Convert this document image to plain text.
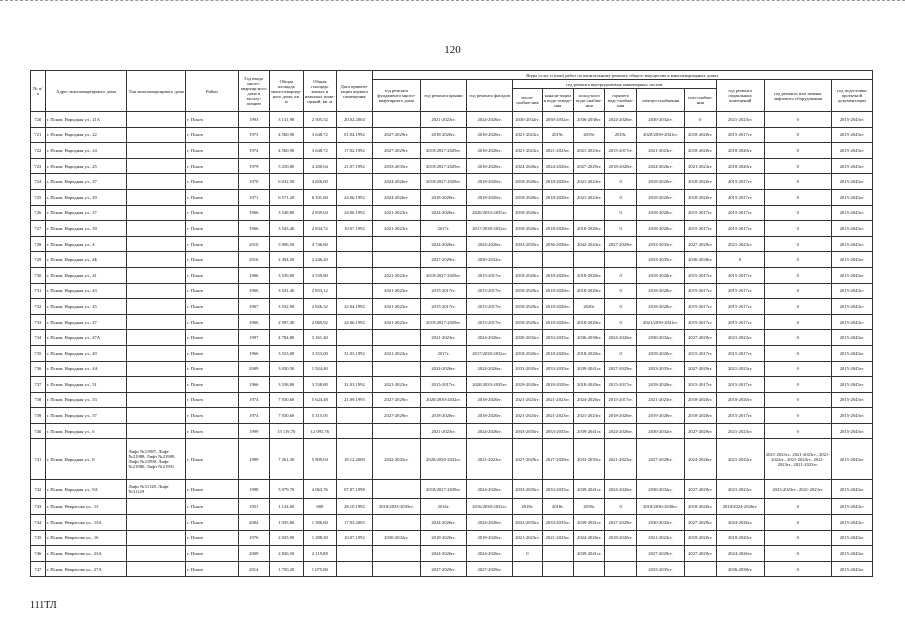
120
№ п/п	Адрес многоквартирного дома	Тип многоквартирного дома	Район	Год ввода много-квартир-ного дома в эксплу-атацию	Общая площадь много-квартир-ного дома, кв. м	Общая площадь жилых и нежилых поме-щений, кв. м	Дата привати-зации первого помещения	Виды услуг и (или) работ по капитальному ремонту общего имущества в многоквартирных домах											
								год ремонта фундамента много-квартирного дома	год ремонта крыши	год ремонта фасадов	год ремонта внутридомовых инженерных систем						год ремонта подвальных помещений	год ремонта или замены лифтового оборудования	год подготовки проектной документации
											тепло-снабже-ния	канали-зации и водо-отведе-ния	холод-ного водо-снабже-ния	горячего водо-снабже-ния	электро-снабжения	газо-снабже-ния			
720	г. Псков, Народная ул., 21А		г. Псков	1993	3 131,90	2 505,52	20.02.2004		2021-2023гг.	2024-2026гг.	2030-2032гг.	2030-2032гг.	2036-2038гг.	2024-2026гг.	2030-2032гг.	0	2021-2023гг.	0	2015-2043гг.
721	г. Псков, Народная ул., 22		г. Псков	1973	4 560,90	3 648,72	01.04.1992	2027-2029гг.	2018-2020гг.	2018-2020гг.	2021-2023гг.	2019г.	2019г.	2019г.	2020/2039-2041гг.	2018-2020гг.	2015-2017гг.	0	2015-2043гг.
722	г. Псков, Народная ул., 24		г. Псков	1974	4 560,90	3 648,72	17.02.1992	2027-2029гг.	2019/2027-2029гг.	2018-2020гг.	2021-2023гг.	2021-2023гг.	2021-2023гг.	2015-2017гг.	2021-2023гг.	2018-2020гг.	2018-2020гг.	0	2015-2043гг.
723	г. Псков, Народная ул., 25		г. Псков	1979	5 250,80	4 200,64	21.07.1992	2033-2035гг.	2019/2027-2029гг.	2018-2020гг.	2024-2026гг.	2024-2026гг.	2027-2029гг.	2018-2020гг.	2024-2026гг.	2021-2023гг.	2018-2020гг.	0	2015-2043гг.
724	г. Псков, Народная ул., 27		г. Псков	1970	6 032,50	4 826,00		2024-2026гг.	2019/2027-2029гг.	2018-2020гг.	2018-2020гг.	2018-2020гг.	2021-2023гг.	0	2018-2020гг.	2018-2020гг.	2015-2017гг.	0	2015-2043гг.
725	г. Псков, Народная ул., 29		г. Псков	1971	6 571,20	6 101,60	24.06.1992	2024-2026гг.	2018-2020гг.	2018-2020гг.	2018-2020гг.	2018-2020гг.	2021-2023гг.	0	2018-2020гг.	2018-2020гг.	2015-2017гг.	0	2015-2043гг.
726	г. Псков, Народная ул., 37		г. Псков	1966	3 548,80	2 839,04	24.06.1992	2021-2023гг.	2024-2026гг.	2020/2033-2035гг.	2018-2020гг.			0	2018-2020гг.	2015-2017гг.	2015-2017гг.	0	2015-2043гг.
727	г. Псков, Народная ул., 39		г. Псков	1966	3 543,40	2 834,72	10.07.1992	2021-2023гг.	2017г.	2017/2030-2032гг.	2018-2020гг.	2018-2020гг.	2018-2020гг.	0	2018-2020гг.	2015-2017гг.	2015-2017гг.	0	2015-2043гг.
728	г. Псков, Народная ул., 4		г. Псков	2010	5 906,50	4 746,60			2024-2026гг.	2024-2026гг.	2033-2035гг.	2036-2038гг.	2042-2043гг.	2027-2029гг.	2033-2035гг.	2027-2029гг.	2021-2023гг.	0	2015-2043гг.
729	г. Псков, Народная ул., 4Б		г. Псков	2016	2 494,50	2 246,20			2027-2029гг.	2030-2032гг.					2033-2035гг.	2036-2038гг.	0	0	2015-2043гг.
730	г. Псков, Народная ул., 41		г. Псков	1966	3 539,80	3 539,80		2021-2023гг.	2019/2027-2029гг.	2015-2017гг.	2018-2020гг.	2018-2020гг.	2018-2020гг.	0	2018-2020гг.	2015-2017гг.	2015-2017гг.	0	2015-2043гг.
731	г. Псков, Народная ул., 43		г. Псков	1966	3 541,40	2 833,12		2021-2023гг.	2015-2017гг.	2015-2017гг.	2018-2020гг.	2018-2020гг.	2018-2020гг.	0	2018-2020гг.	2015-2017гг.	2015-2017гг.	0	2015-2043гг.
732	г. Псков, Народная ул., 45		г. Псков	1967	3 532,90	2 826,32	22.04.1992	2021-2023гг.	2015-2017гг.	2015-2017гг.	2018-2020гг.	2018-2020гг.	2020г.	0	2018-2020гг.	2015-2017гг.	2015-2017гг.	0	2015-2043гг.
733	г. Псков, Народная ул., 47		г. Псков	1966	2 587,40	2 069,92	24.06.1992	2021-2023гг.	2019/2027-2029гг.	2015-2017гг.	2018-2020гг.	2018-2020гг.	2018-2020гг.	0	2021/2039-2041гг.	2015-2017гг.	2015-2017гг.	0	2015-2043гг.
734	г. Псков, Народная ул., 47А		г. Псков	1997	4 784,80	3 161,40			2021-2023гг.	2024-2026гг.	2030-2032гг.	2033-2035гг.	2036-2038гг.	2024-2026гг.	2030-2032гг.	2027-2029гг.	2021-2023гг.	0	2015-2043гг.
735	г. Псков, Народная ул., 49		г. Псков	1966	3 553,00	3 553,00	31.03.1992	2021-2023гг.	2017г.	2017/2030-2032гг.	2018-2020гг.	2018-2020гг.	2018-2020гг.	0	2018-2020гг.	2015-2017гг.	2015-2017гг.	0	2015-2043гг.
736	г. Псков, Народная ул., 4А		г. Псков	2009	3 030,50	1 924,40			2024-2026гг.	2024-2026гг.	2033-2035гг.	2033-2035гг.	2039-2041гг.	2027-2029гг.	2033-2035гг.	2027-2029гг.	2021-2023гг.	0	2015-2043гг.
737	г. Псков, Народная ул., 51		г. Псков	1966	3 538,80	3 538,80	31.03.1992	2021-2023гг.	2015-2017гг.	2020/2033-2035гг.	2018-2020гг.	2018-2020гг.	2018-2020гг.	2015-2017гг.	2018-2020гг.	2015-2017гг.	2015-2017гг.	0	2015-2043гг.
738	г. Псков, Народная ул., 53		г. Псков	1974	7 030,60	5 624,48	21.09.1993	2027-2029гг.	2020/2030-2032гг.	2018-2020гг.	2021-2023гг.	2021-2023гг.	2024-2026гг.	2015-2017гг.	2021-2023гг.	2018-2020гг.	2018-2020гг.	0	2015-2043гг.
739	г. Псков, Народная ул., 57		г. Псков	1974	7 030,60	5 315,05		2027-2029гг.	2018-2020гг.	2018-2020гг.	2021-2023гг.	2021-2023гг.	2021-2023гг.	2018-2020гг.	2019-2020гг.	2018-2020гг.	2015-2017гг.	0	2015-2043гг.
740	г. Псков, Народная ул., 6		г. Псков	1999	15 119,70	12 095,76			2021-2023гг.	2024-2026гг.	2033-2035гг.	2033-2035гг.	2039-2041гг.	2024-2026гг.	2030-2032гг.	2027-2029гг.	2021-2023гг.	0	2015-2043гг.
741	г. Псков, Народная ул., 8	Лифт №21987, Лифт №21988, Лифт №21989, Лифт №21990, Лифт №21986, Лифт №21991	г. Псков	1989	7 261,30	5 809,04	18.12.2000	2042-2043гг.	2020/2030-2032гг.	2021-2023гг.	2027-2029гг.	2027-2029гг.	2033-2035гг.	2021-2023гг.	2027-2029гг.	2024-2026гг.	2021-2023гг.	2021-2023гг., 2021-2023гг., 2021-2023гг., 2021-2023гг., 2021-2023гг., 2021-2023гг.	2015-2043гг.
742	г. Псков, Народная ул., 8А	Лифт №31128, Лифт №31129	г. Псков	1998	5 079,70	4 063,76	07.07.1998		2018/2027-2029гг.	2024-2026гг.	2033-2035гг.	2033-2035гг.	2039-2041гг.	2024-2026гг.	2030-2032гг.	2027-2029гг.	2021-2023гг.	2023-2023гг., 2021-2023гг.	2015-2043гг.
743	г. Псков, Некрасова ул., 13		г. Псков	1951	1 124,00	680	28.10.1992	2018/2033-2035гг.	2016г.	2016/2030-2032гг.	2018г.	2018г.	2018г.	0	2018/2036-2038гг.	2018-2020гг.	2018/2024-2026гг.	0	2015-2043гг.
744	г. Псков, Некрасова ул., 15А		г. Псков	2004	1 935,80	1 306,60	17.03.2005		2024-2026гг.	2024-2026гг.	2033-2035гг.	2033-2035гг.	2039-2041гг.	2027-2029гг.	2030-2032гг.	2027-2029гг.	2024-2026гг.	0	2015-2043гг.
745	г. Псков, Некрасова ул., 16		г. Псков	1976	2 035,90	1 288,30	10.07.1992	2030-2032гг.	2018-2020гг.	2018-2020гг.	2021-2023гг.	2021-2023гг.	2024-2026гг.	2018-2020гг.	2021-2023гг.	2018-2020гг.	2018-2020гг.	0	2015-2043гг.
746	г. Псков, Некрасова ул., 23А		г. Псков	2009	2 826,50	2 119,88			2024-2026гг.	2024-2026гг.	0		2039-2041гг.		2027-2029гг.	2027-2029гг.	2024-2026гг.	0	2015-2043гг.
747	г. Псков, Некрасова ул., 27А		г. Псков	2014	1 750,20	1 075,80			2027-2029гг.	2027-2029гг.					2033-2035гг.		2036-2038гг.	0	2015-2043гг.
111ТЛ
